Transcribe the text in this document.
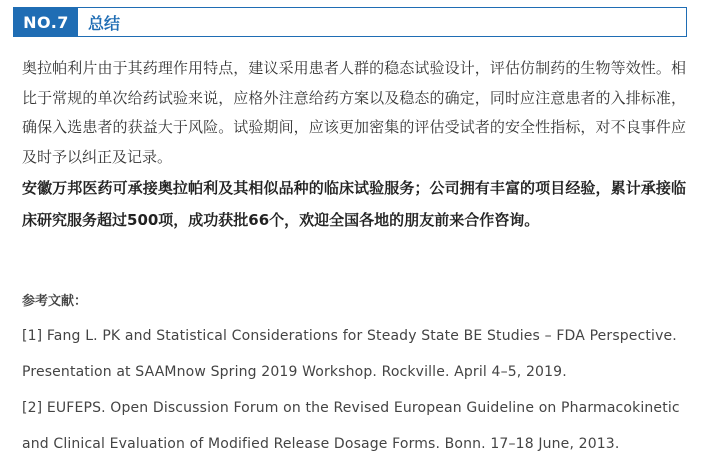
NO.7	总结

奥拉帕利片由于其药理作用特点，建议采用患者人群的稳态试验设计，评估仿制药的生物等效性。相比于常规的单次给药试验来说，应格外注意给药方案以及稳态的确定，同时应注意患者的入排标准，确保入选患者的获益大于风险。试验期间，应该更加密集的评估受试者的安全性指标，对不良事件应及时予以纠正及记录。

安徽万邦医药可承接奥拉帕利及其相似品种的临床试验服务；公司拥有丰富的项目经验，累计承接临床研究服务超过500项，成功获批66个，欢迎全国各地的朋友前来合作咨询。

参考文献：

[1] Fang L. PK and Statistical Considerations for Steady State BE Studies – FDA Perspective. Presentation at SAAMnow Spring 2019 Workshop. Rockville. April 4–5, 2019.

[2] EUFEPS. Open Discussion Forum on the Revised European Guideline on Pharmacokinetic and Clinical Evaluation of Modified Release Dosage Forms. Bonn. 17–18 June, 2013.
